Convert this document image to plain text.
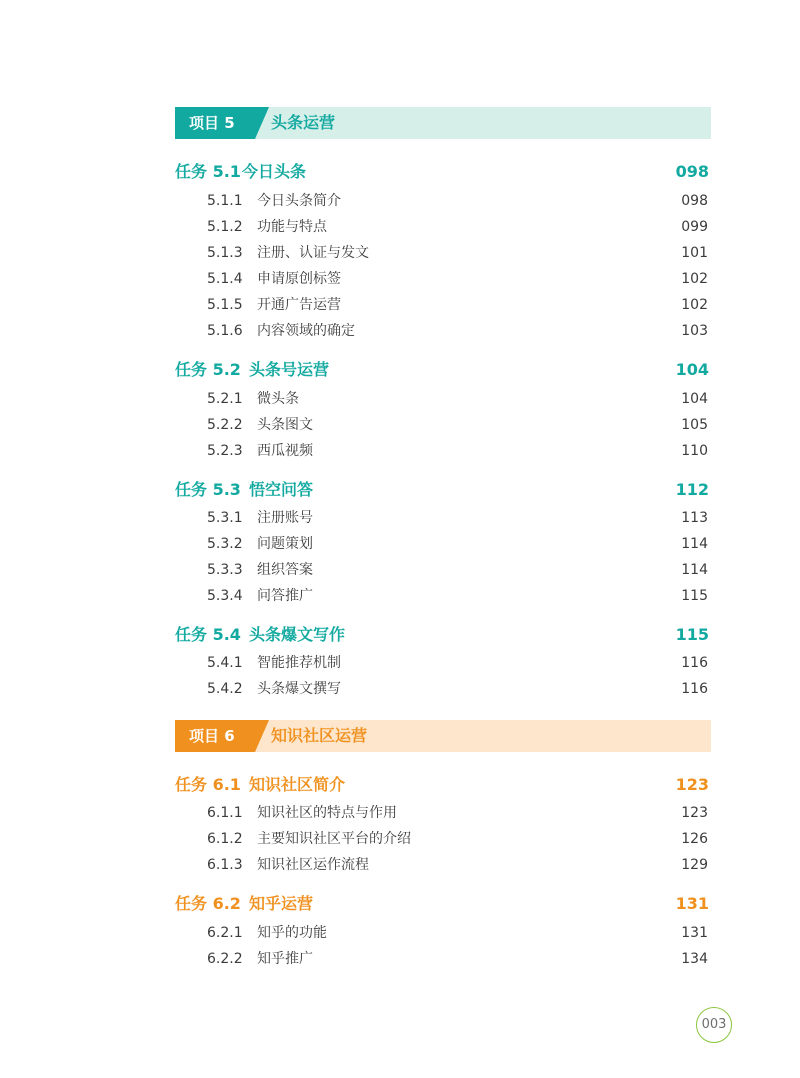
项目 5	头条运营
任务 5.1 今日头条	098
5.1.1 今日头条简介	098
5.1.2 功能与特点	099
5.1.3 注册、认证与发文	101
5.1.4 申请原创标签	102
5.1.5 开通广告运营	102
5.1.6 内容领域的确定	103
任务 5.2 头条号运营	104
5.2.1 微头条	104
5.2.2 头条图文	105
5.2.3 西瓜视频	110
任务 5.3 悟空问答	112
5.3.1 注册账号	113
5.3.2 问题策划	114
5.3.3 组织答案	114
5.3.4 问答推广	115
任务 5.4 头条爆文写作	115
5.4.1 智能推荐机制	116
5.4.2 头条爆文撰写	116
项目 6	知识社区运营
任务 6.1 知识社区简介	123
6.1.1 知识社区的特点与作用	123
6.1.2 主要知识社区平台的介绍	126
6.1.3 知识社区运作流程	129
任务 6.2 知乎运营	131
6.2.1 知乎的功能	131
6.2.2 知乎推广	134
003
